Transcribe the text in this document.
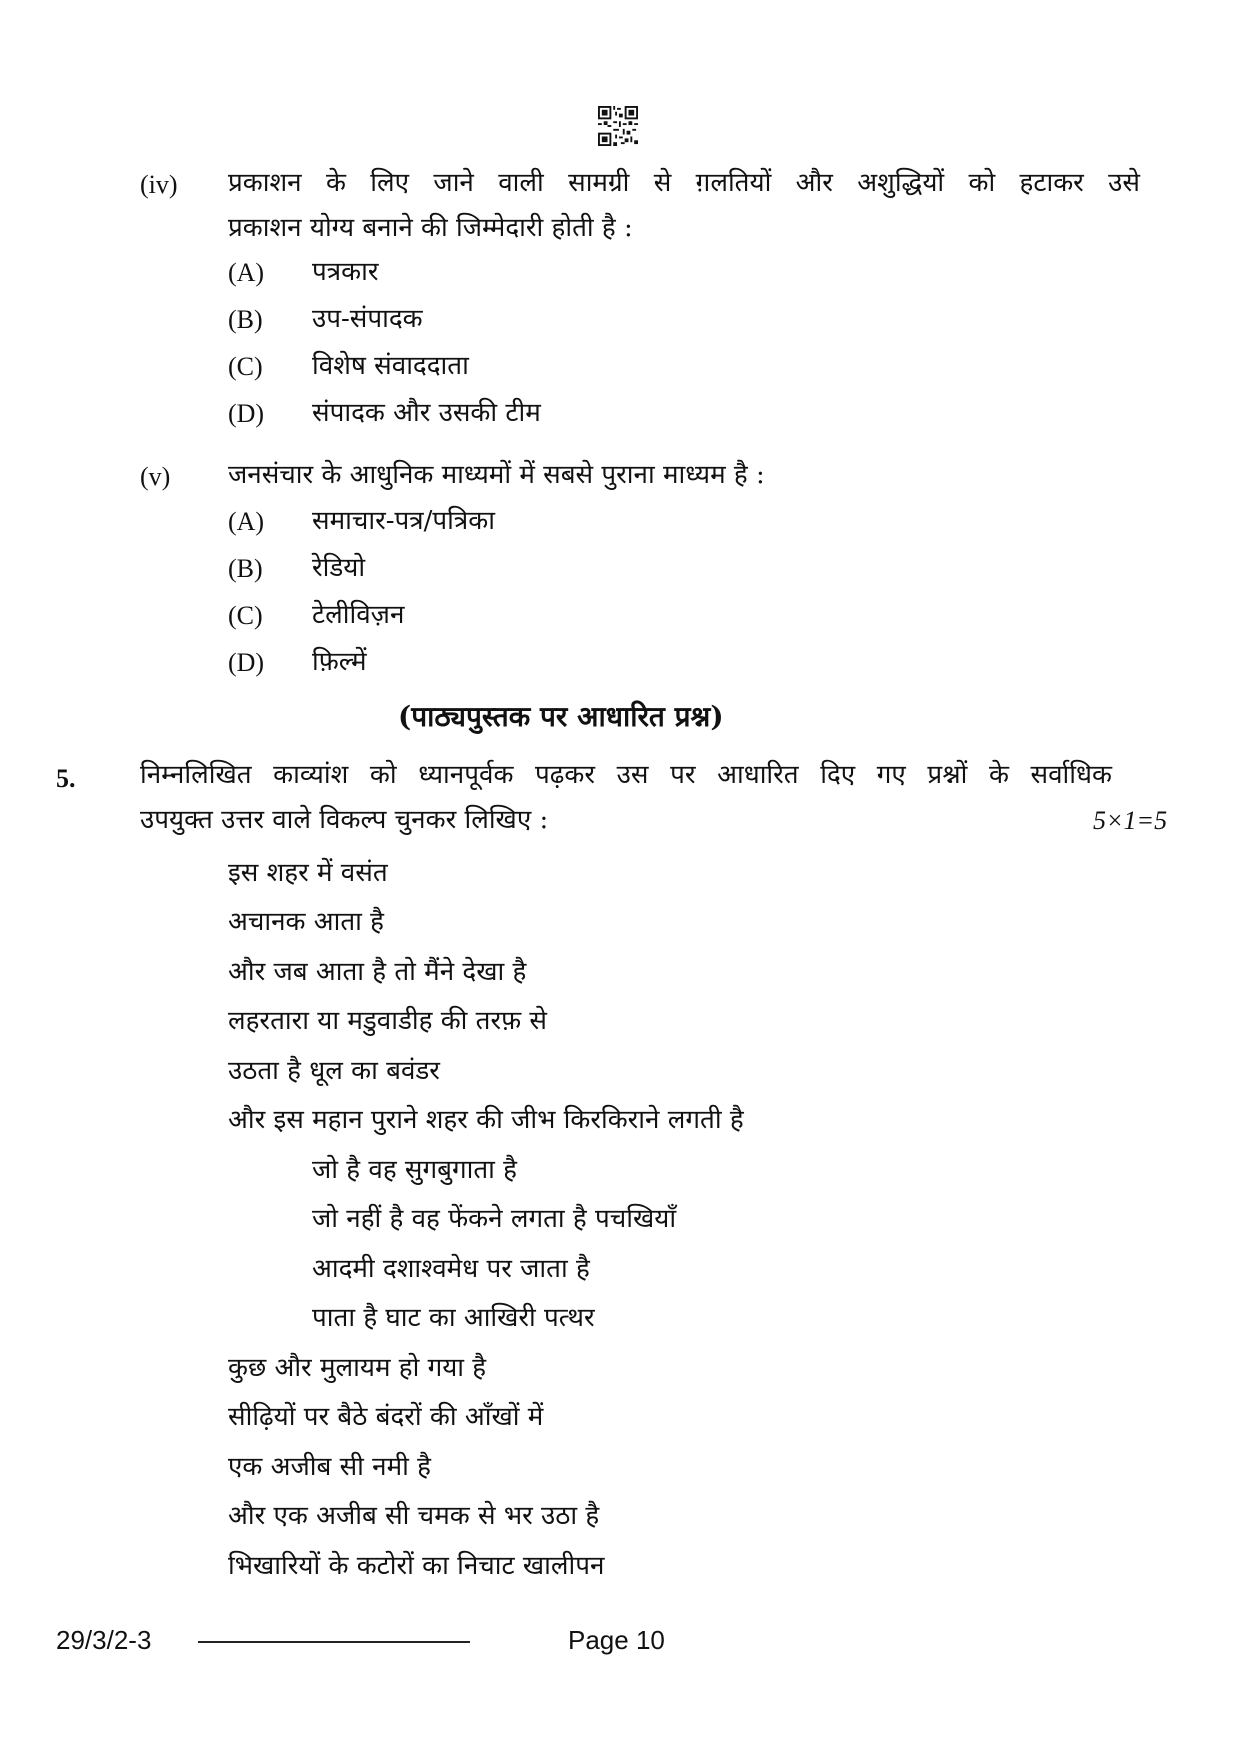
(iv) प्रकाशन के लिए जाने वाली सामग्री से ग़लतियों और अशुद्धियों को हटाकर उसे
प्रकाशन योग्य बनाने की जिम्मेदारी होती है :
(A) पत्रकार
(B) उप-संपादक
(C) विशेष संवाददाता
(D) संपादक और उसकी टीम
(v) जनसंचार के आधुनिक माध्यमों में सबसे पुराना माध्यम है :
(A) समाचार-पत्र/पत्रिका
(B) रेडियो
(C) टेलीविज़न
(D) फ़िल्में
(पाठ्यपुस्तक पर आधारित प्रश्न)
5. निम्नलिखित काव्यांश को ध्यानपूर्वक पढ़कर उस पर आधारित दिए गए प्रश्नों के सर्वाधिक
उपयुक्त उत्तर वाले विकल्प चुनकर लिखिए :	5×1=5
इस शहर में वसंत
अचानक आता है
और जब आता है तो मैंने देखा है
लहरतारा या मडुवाडीह की तरफ़ से
उठता है धूल का बवंडर
और इस महान पुराने शहर की जीभ किरकिराने लगती है
जो है वह सुगबुगाता है
जो नहीं है वह फेंकने लगता है पचखियाँ
आदमी दशाश्वमेध पर जाता है
पाता है घाट का आखिरी पत्थर
कुछ और मुलायम हो गया है
सीढ़ियों पर बैठे बंदरों की आँखों में
एक अजीब सी नमी है
और एक अजीब सी चमक से भर उठा है
भिखारियों के कटोरों का निचाट खालीपन
29/3/2-3	Page 10
